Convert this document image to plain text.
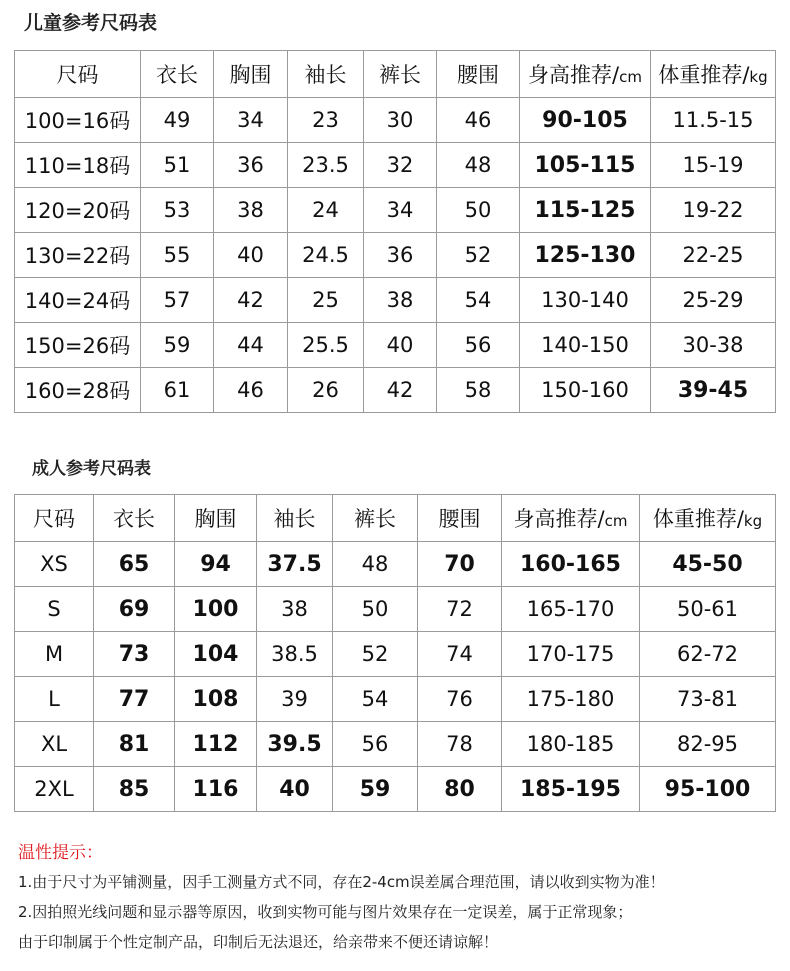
儿童参考尺码表
尺码	衣长	胸围	袖长	裤长	腰围	身高推荐/cm	体重推荐/kg
100=16码	49	34	23	30	46	90-105	11.5-15
110=18码	51	36	23.5	32	48	105-115	15-19
120=20码	53	38	24	34	50	115-125	19-22
130=22码	55	40	24.5	36	52	125-130	22-25
140=24码	57	42	25	38	54	130-140	25-29
150=26码	59	44	25.5	40	56	140-150	30-38
160=28码	61	46	26	42	58	150-160	39-45
成人参考尺码表
尺码	衣长	胸围	袖长	裤长	腰围	身高推荐/cm	体重推荐/kg
XS	65	94	37.5	48	70	160-165	45-50
S	69	100	38	50	72	165-170	50-61
M	73	104	38.5	52	74	170-175	62-72
L	77	108	39	54	76	175-180	73-81
XL	81	112	39.5	56	78	180-185	82-95
2XL	85	116	40	59	80	185-195	95-100

温性提示：

1.由于尺寸为平铺测量，因手工测量方式不同，存在2-4cm误差属合理范围，请以收到实物为准！

2.因拍照光线问题和显示器等原因，收到实物可能与图片效果存在一定误差，属于正常现象；

由于印制属于个性定制产品，印制后无法退还，给亲带来不便还请谅解！
